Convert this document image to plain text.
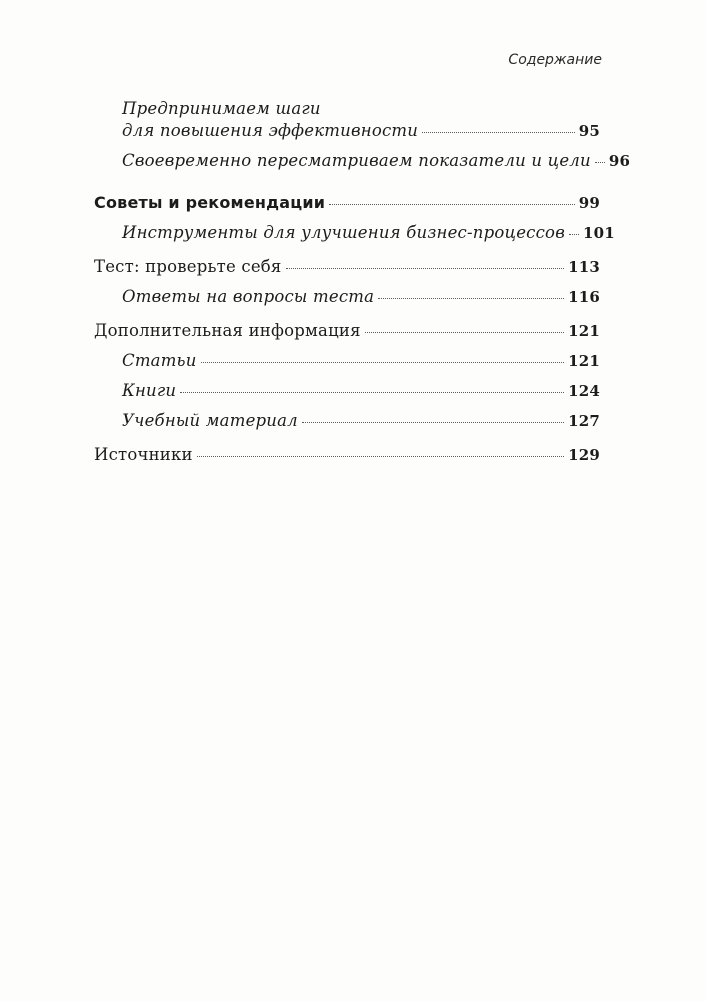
Содержание
Предпринимаем шаги
для повышения эффективности	95
Своевременно пересматриваем показатели и цели 96
Советы и рекомендации	99
Инструменты для улучшения бизнес-процессов 101
Тест: проверьте себя	113
Ответы на вопросы теста	116
Дополнительная информация	121
Статьи	121
Книги	124
Учебный материал	127
Источники	129
